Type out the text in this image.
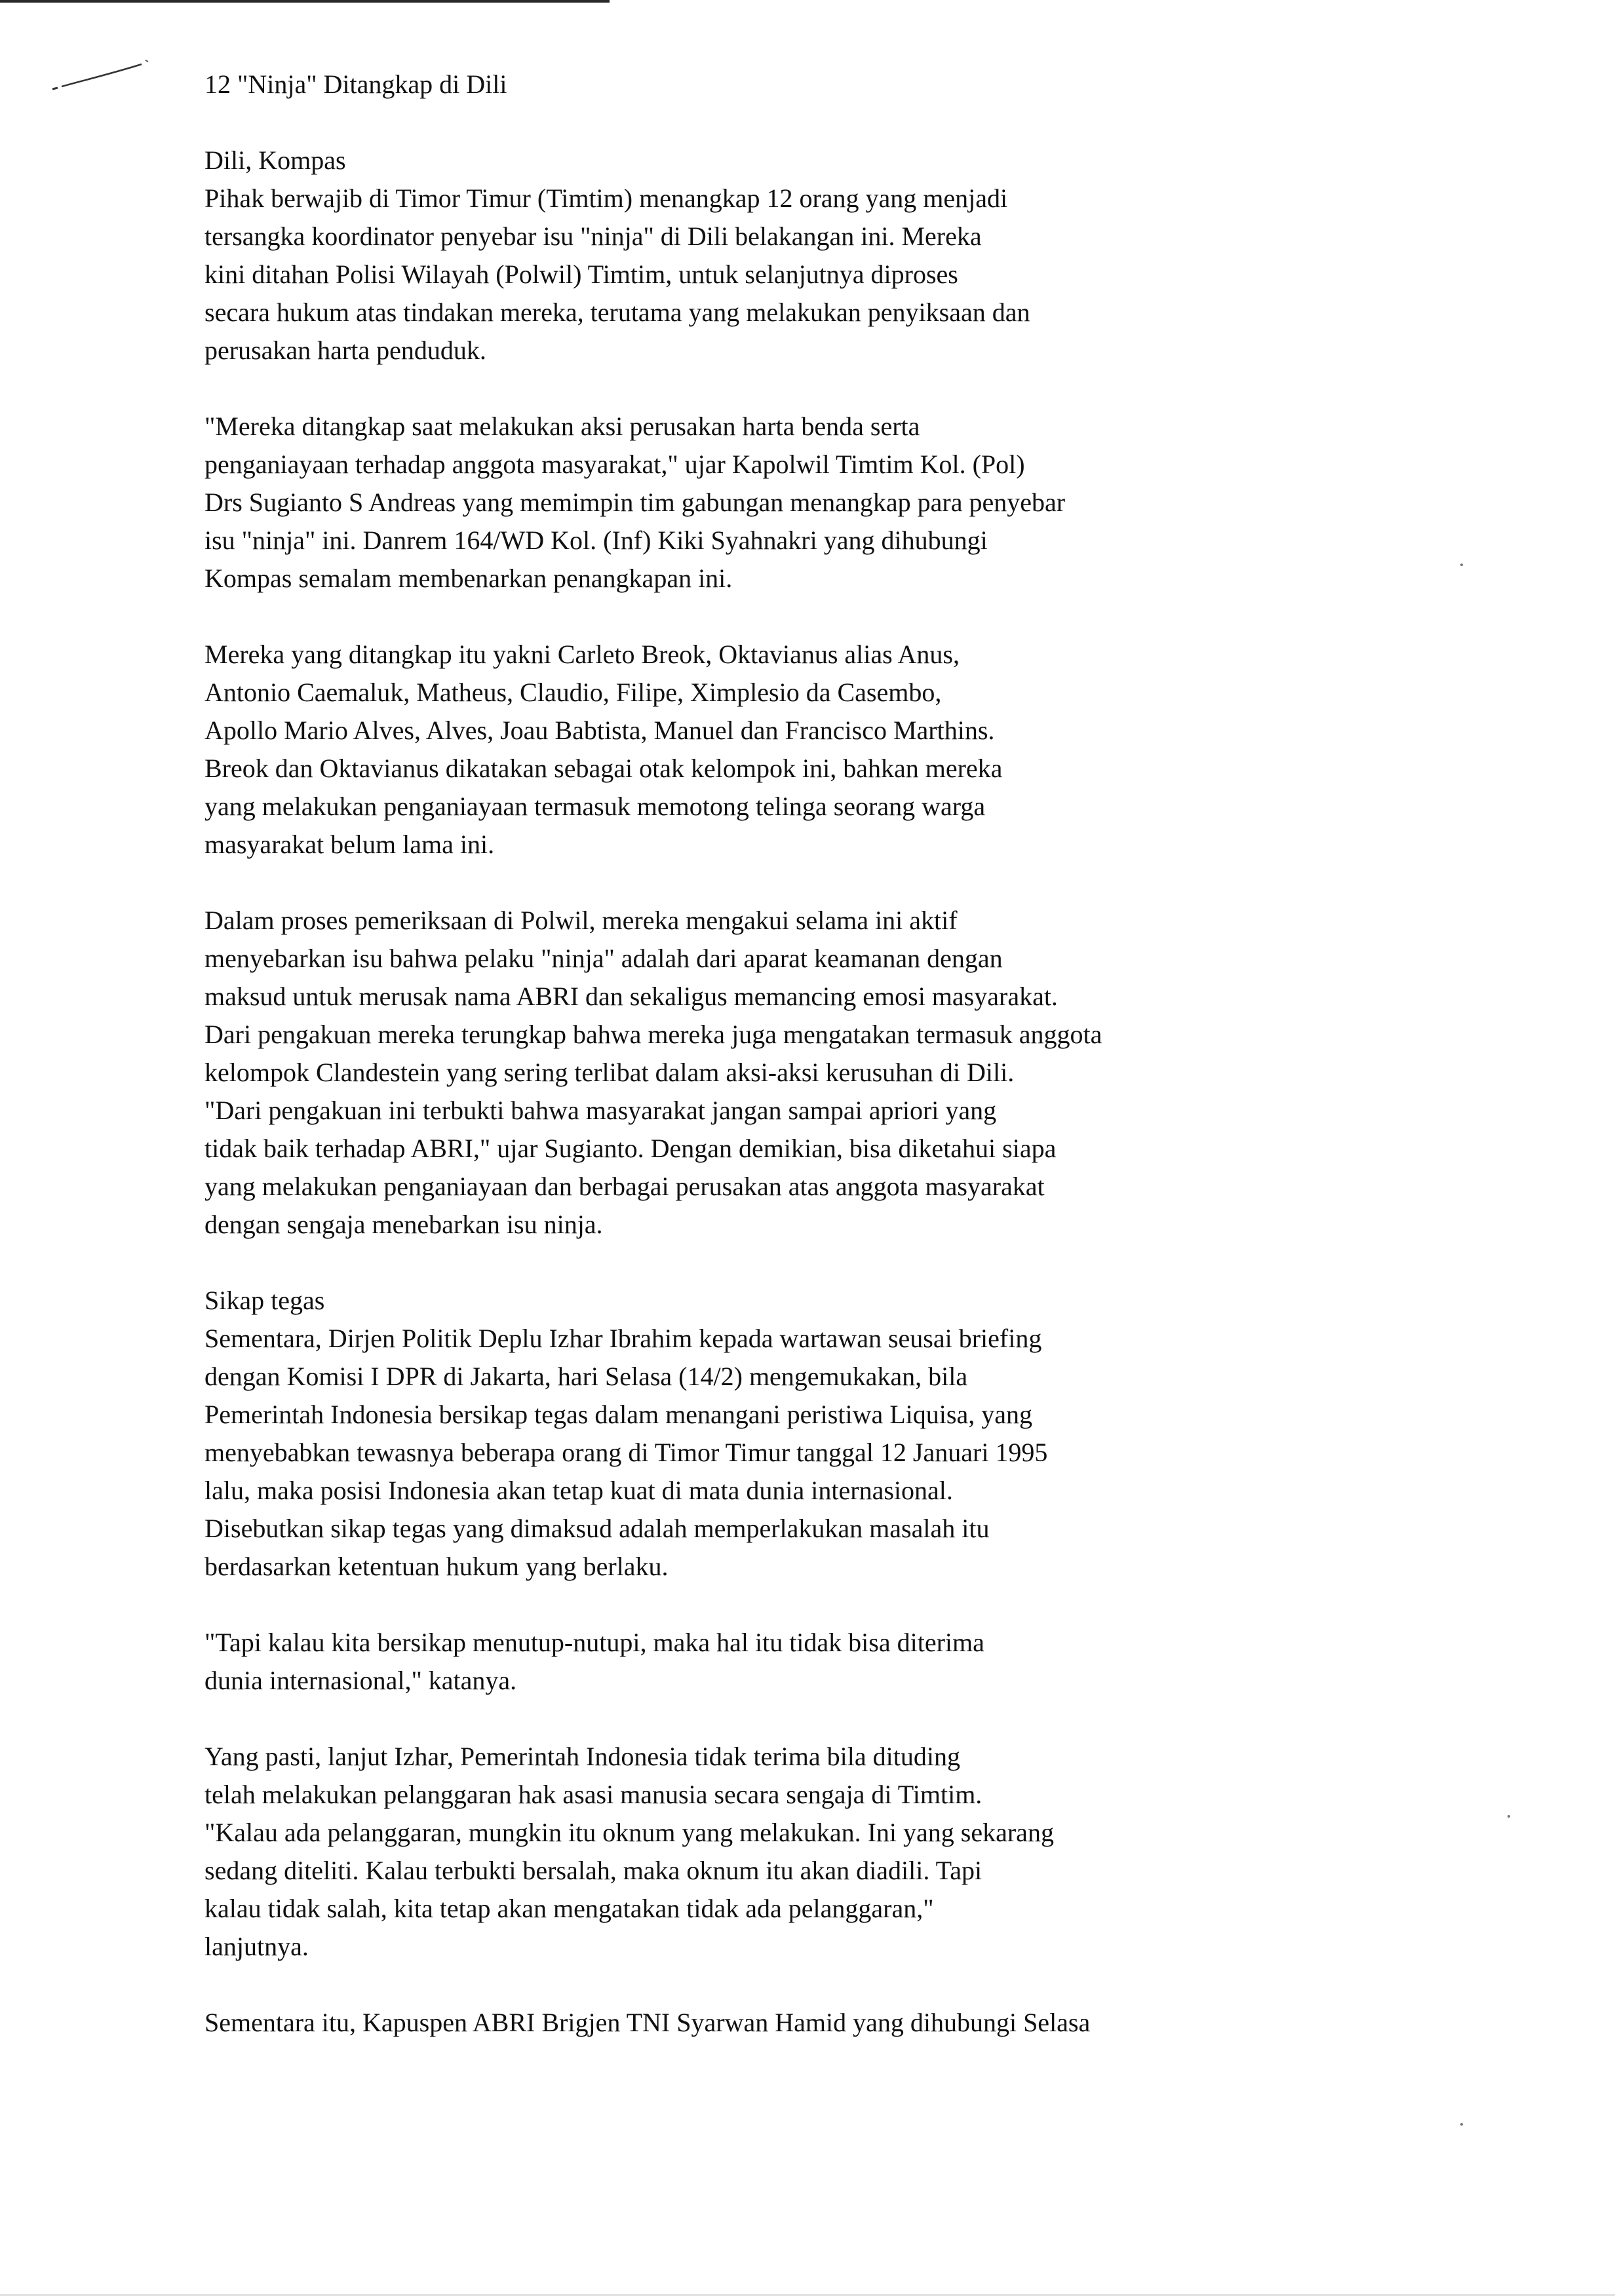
12 "Ninja" Ditangkap di Dili
Dili, Kompas
Pihak berwajib di Timor Timur (Timtim) menangkap 12 orang yang menjadi
tersangka koordinator penyebar isu "ninja" di Dili belakangan ini. Mereka
kini ditahan Polisi Wilayah (Polwil) Timtim, untuk selanjutnya diproses
secara hukum atas tindakan mereka, terutama yang melakukan penyiksaan dan
perusakan harta penduduk.
"Mereka ditangkap saat melakukan aksi perusakan harta benda serta
penganiayaan terhadap anggota masyarakat," ujar Kapolwil Timtim Kol. (Pol)
Drs Sugianto S Andreas yang memimpin tim gabungan menangkap para penyebar
isu "ninja" ini. Danrem 164/WD Kol. (Inf) Kiki Syahnakri yang dihubungi
Kompas semalam membenarkan penangkapan ini.
Mereka yang ditangkap itu yakni Carleto Breok, Oktavianus alias Anus,
Antonio Caemaluk, Matheus, Claudio, Filipe, Ximplesio da Casembo,
Apollo Mario Alves, Alves, Joau Babtista, Manuel dan Francisco Marthins.
Breok dan Oktavianus dikatakan sebagai otak kelompok ini, bahkan mereka
yang melakukan penganiayaan termasuk memotong telinga seorang warga
masyarakat belum lama ini.
Dalam proses pemeriksaan di Polwil, mereka mengakui selama ini aktif
menyebarkan isu bahwa pelaku "ninja" adalah dari aparat keamanan dengan
maksud untuk merusak nama ABRI dan sekaligus memancing emosi masyarakat.
Dari pengakuan mereka terungkap bahwa mereka juga mengatakan termasuk anggota
kelompok Clandestein yang sering terlibat dalam aksi-aksi kerusuhan di Dili.
"Dari pengakuan ini terbukti bahwa masyarakat jangan sampai apriori yang
tidak baik terhadap ABRI," ujar Sugianto. Dengan demikian, bisa diketahui siapa
yang melakukan penganiayaan dan berbagai perusakan atas anggota masyarakat
dengan sengaja menebarkan isu ninja.
Sikap tegas
Sementara, Dirjen Politik Deplu Izhar Ibrahim kepada wartawan seusai briefing
dengan Komisi I DPR di Jakarta, hari Selasa (14/2) mengemukakan, bila
Pemerintah Indonesia bersikap tegas dalam menangani peristiwa Liquisa, yang
menyebabkan tewasnya beberapa orang di Timor Timur tanggal 12 Januari 1995
lalu, maka posisi Indonesia akan tetap kuat di mata dunia internasional.
Disebutkan sikap tegas yang dimaksud adalah memperlakukan masalah itu
berdasarkan ketentuan hukum yang berlaku.
"Tapi kalau kita bersikap menutup-nutupi, maka hal itu tidak bisa diterima
dunia internasional," katanya.
Yang pasti, lanjut Izhar, Pemerintah Indonesia tidak terima bila dituding
telah melakukan pelanggaran hak asasi manusia secara sengaja di Timtim.
"Kalau ada pelanggaran, mungkin itu oknum yang melakukan. Ini yang sekarang
sedang diteliti. Kalau terbukti bersalah, maka oknum itu akan diadili. Tapi
kalau tidak salah, kita tetap akan mengatakan tidak ada pelanggaran,"
lanjutnya.
Sementara itu, Kapuspen ABRI Brigjen TNI Syarwan Hamid yang dihubungi Selasa
